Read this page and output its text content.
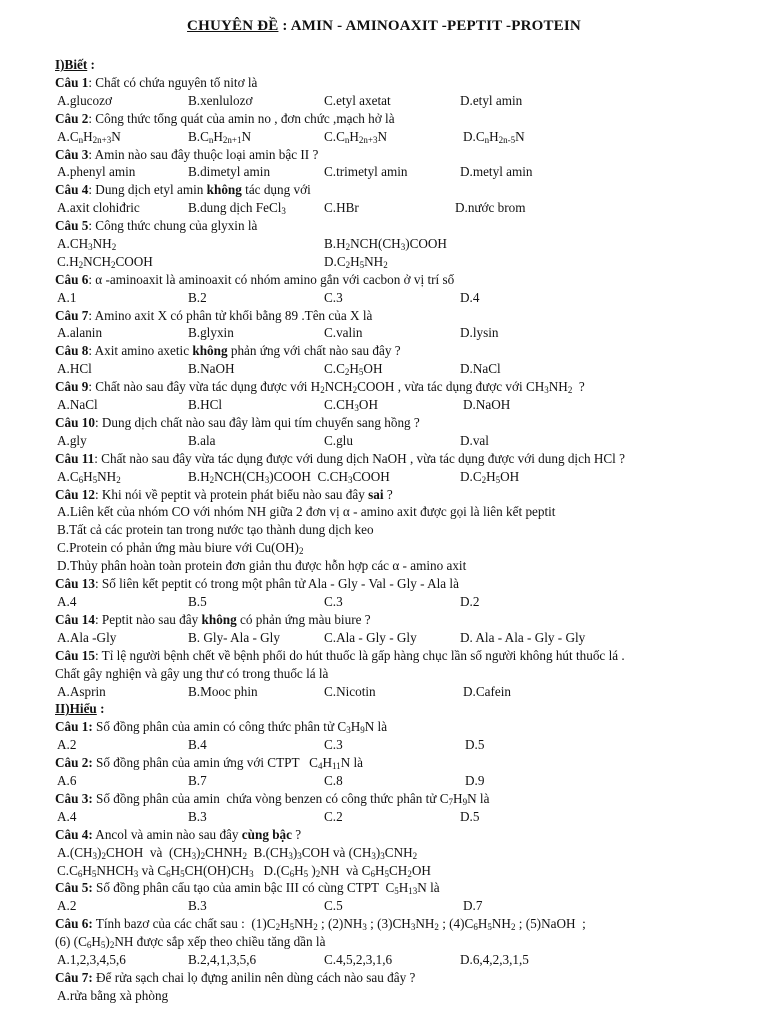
CHUYÊN ĐỀ : AMIN - AMINOAXIT -PEPTIT -PROTEIN
I)Biết :
Câu 1: Chất có chứa nguyên tố nitơ là
A.glucozơ	B.xenlulozơ	C.etyl axetat	D.etyl amin
Câu 2: Công thức tổng quát của amin no , đơn chức ,mạch hở là
$A.C_nH_{2n+3}N$	$B.C_nH_{2n+1}N$	$C.C_nH_{2n+3}N$	$D.C_nH_{2n-5}N$
Câu 3: Amin nào sau đây thuộc loại amin bậc II ?
A.phenyl amin	B.dimetyl amin	C.trimetyl amin	D.metyl amin
Câu 4: Dung dịch etyl amin không tác dụng với
A.axit clohiđric	B.dung dịch FeCl$_3$	C.HBr	D.nước brom
Câu 5: Công thức chung của glyxin là
$A.CH_3NH_2$	$B.H_2NCH(CH_3)COOH$
$C.H_2NCH_2COOH$	$D.C_2H_5NH_2$
Câu 6: α -aminoaxit là aminoaxit có nhóm amino gắn với cacbon ở vị trí số
A.1	B.2	C.3	D.4
Câu 7: Amino axit X có phân tử khối bằng 89 .Tên của X là
A.alanin	B.glyxin	C.valin	D.lysin
Câu 8: Axit amino axetic không phản ứng với chất nào sau đây ?
A.HCl	B.NaOH	$C.C_2H_5OH$	D.NaCl
Câu 9: Chất nào sau đây vừa tác dụng được với $H_2NCH_2COOH$ , vừa tác dụng được với $CH_3NH_2$  ?
A.NaCl	B.HCl	$C.CH_3OH$	D.NaOH
Câu 10: Dung dịch chất nào sau đây làm qui tím chuyển sang hồng ?
A.gly	B.ala	C.glu	D.val
Câu 11: Chất nào sau đây vừa tác dụng được với dung dịch NaOH , vừa tác dụng được với dung dịch HCl ?
$A.C_6H_5NH_2$	$B.H_2NCH(CH_3)COOH$  $C.CH_3COOH$	$D.C_2H_5OH$
Câu 12: Khi nói về peptit và protein phát biểu nào sau đây sai ?
A.Liên kết của nhóm CO với nhóm NH giữa 2 đơn vị α - amino axit được gọi là liên kết peptit
B.Tất cả các protein tan trong nước tạo thành dung dịch keo
C.Protein có phản ứng màu biure với $Cu(OH)_2$
D.Thủy phân hoàn toàn protein đơn giản thu được hỗn hợp các α - amino axit
Câu 13: Số liên kết peptit có trong một phân tử Ala - Gly - Val - Gly - Ala là
A.4	B.5	C.3	D.2
Câu 14: Peptit nào sau đây không có phản ứng màu biure ?
A.Ala -Gly	B. Gly- Ala - Gly	C.Ala - Gly - Gly	D. Ala - Ala - Gly - Gly
Câu 15: Tỉ lệ người bệnh chết về bệnh phổi do hút thuốc là gấp hàng chục lần số người không hút thuốc lá .
Chất gây nghiện và gây ung thư có trong thuốc lá là
A.Asprin	B.Mooc phin	C.Nicotin	D.Cafein
II)Hiểu :
Câu 1: Số đồng phân của amin có công thức phân tử $C_3H_9N$ là
A.2	B.4	C.3	D.5
Câu 2: Số đồng phân của amin ứng với CTPT   $C_4H_{11}N$ là
A.6	B.7	C.8	D.9
Câu 3: Số đồng phân của amin  chứa vòng benzen có công thức phân tử $C_7H_9N$ là
A.4	B.3	C.2	D.5
Câu 4: Ancol và amin nào sau đây cùng bậc ?
$A.(CH_3)_2CHOH$  và  $(CH_3)_2CHNH_2$  $B.(CH_3)_3COH$ và $(CH_3)_3CNH_2$
$C.C_6H_5NHCH_3$ và $C_6H_5CH(OH)CH_3$   $D.(C_6H_5$ )$_2NH$  và $C_6H_5CH_2OH$
Câu 5: Số đồng phân cấu tạo của amin bậc III có cùng CTPT  $C_5H_{13}N$ là
A.2	B.3	C.5	D.7
Câu 6: Tính bazơ của các chất sau :  $(1)C_2H_5NH_2$ ; $(2)NH_3$ ; $(3)CH_3NH_2$ ; $(4)C_6H_5NH_2$ ; (5)NaOH  ;
(6) $(C_6H_5)_2NH$ được sắp xếp theo chiều tăng dần là
A.1,2,3,4,5,6	B.2,4,1,3,5,6	C.4,5,2,3,1,6	D.6,4,2,3,1,5
Câu 7: Để rửa sạch chai lọ đựng anilin nên dùng cách nào sau đây ?
A.rửa bằng xà phòng
